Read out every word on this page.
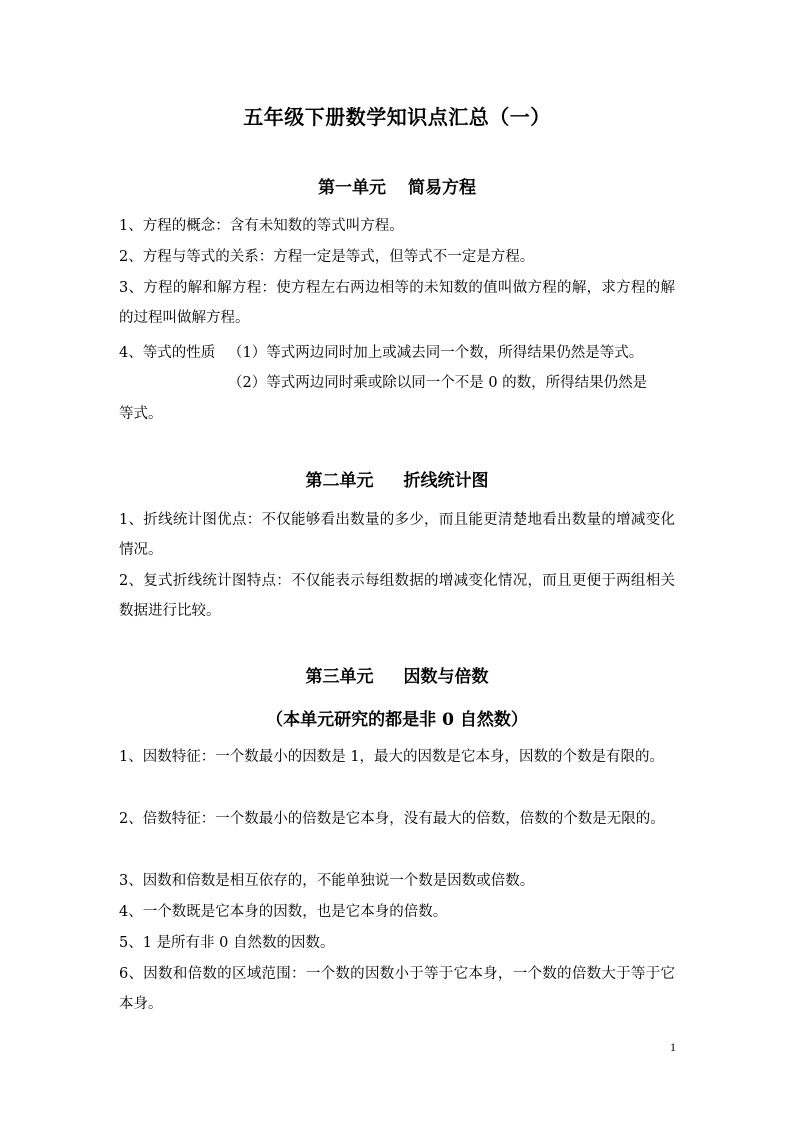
五年级下册数学知识点汇总（一）
第一单元 简易方程
1、方程的概念：含有未知数的等式叫方程。
2、方程与等式的关系：方程一定是等式，但等式不一定是方程。
3、方程的解和解方程：使方程左右两边相等的未知数的值叫做方程的解，求方程的解的过程叫做解方程。
4、等式的性质 （1）等式两边同时加上或减去同一个数，所得结果仍然是等式。
（2）等式两边同时乘或除以同一个不是 0 的数，所得结果仍然是
等式。
第二单元 折线统计图
1、折线统计图优点：不仅能够看出数量的多少，而且能更清楚地看出数量的增减变化情况。
2、复式折线统计图特点：不仅能表示每组数据的增减变化情况，而且更便于两组相关数据进行比较。
第三单元 因数与倍数
（本单元研究的都是非 0 自然数）
1、因数特征：一个数最小的因数是 1，最大的因数是它本身，因数的个数是有限的。
2、倍数特征：一个数最小的倍数是它本身，没有最大的倍数，倍数的个数是无限的。
3、因数和倍数是相互依存的，不能单独说一个数是因数或倍数。
4、一个数既是它本身的因数，也是它本身的倍数。
5、1 是所有非 0 自然数的因数。
6、因数和倍数的区域范围：一个数的因数小于等于它本身，一个数的倍数大于等于它本身。
1
